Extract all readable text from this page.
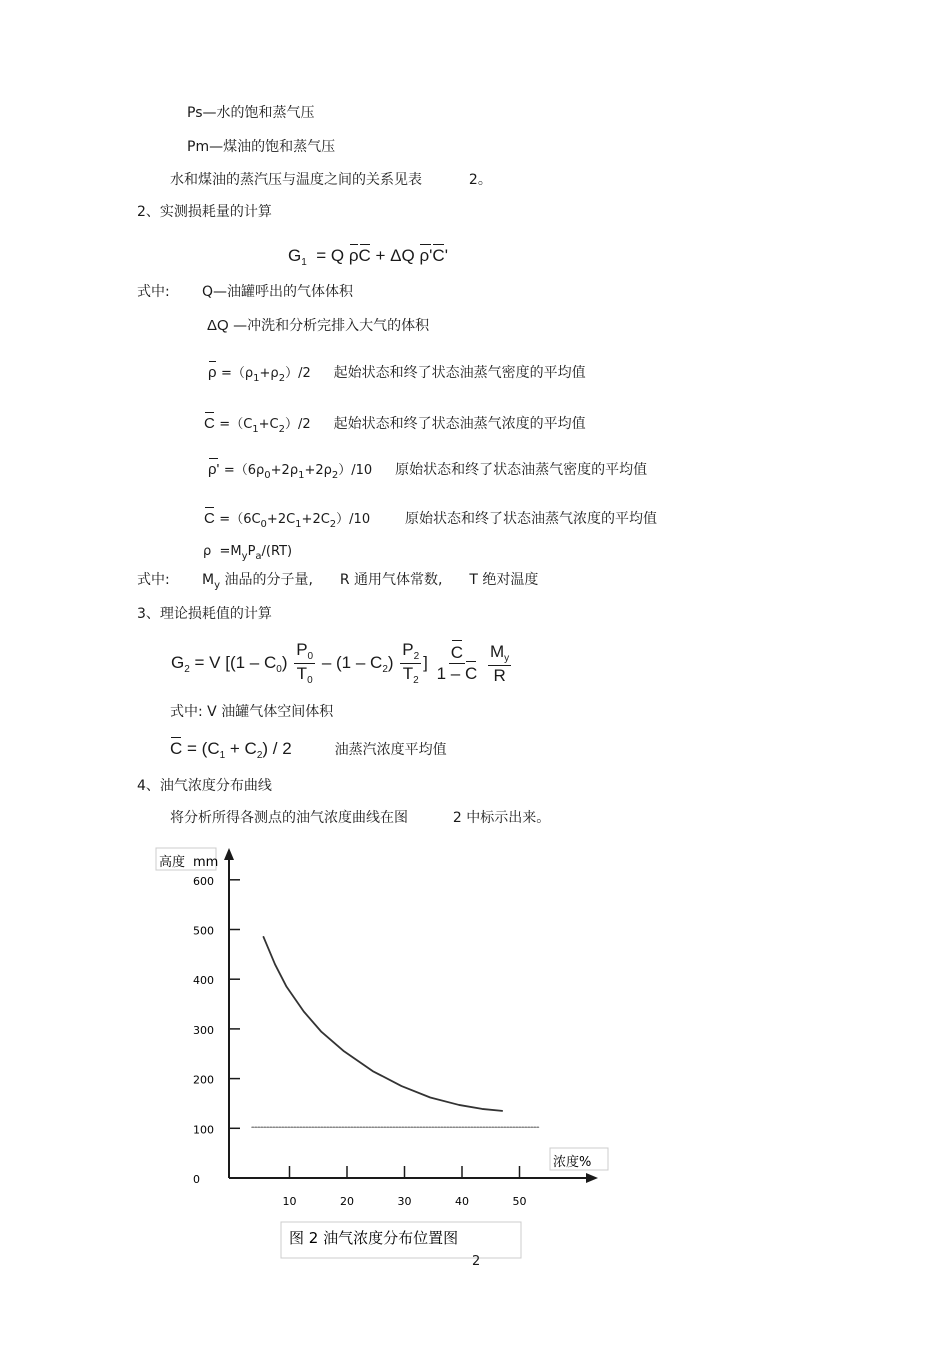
Ps—水的饱和蒸气压
Pm—煤油的饱和蒸气压
水和煤油的蒸汽压与温度之间的关系见表	2。
2、实测损耗量的计算
$G_1 = Q$ ρC + ΔQ ρ'C'
式中: Q—油罐呼出的气体体积
ΔQ —冲洗和分析完排入大气的体积
$\rho =(\rho_1+\rho_2)/2$ 起始状态和终了状态油蒸气密度的平均值
$C =(C_1+C_2)/2$ 起始状态和终了状态油蒸气浓度的平均值
$\rho' =(6\rho_0+2\rho_1+2\rho_2)/10$ 原始状态和终了状态油蒸气密度的平均值
$C =(6C_0+2C_1+2C_2)/10$ 原始状态和终了状态油蒸气浓度的平均值
$\rho =M_yP_a/(RT)$
式中: $M_y$ 油品的分子量, R 通用气体常数, T 绝对温度
3、理论损耗值的计算
$G_2 = V$ [$(1 - C_0) \frac{P_0}{T_0} - (1 - C_2) \frac{P_2}{T_2}$ ] $\frac{C}{1 - C}$
$\frac{M_y}{R}$
式中: V 油罐气体空间体积
$C = (C_1 + C_2) / 2$	油蒸汽浓度平均值
4、油气浓度分布曲线
将分析所得各测点的油气浓度曲线在图	2 中标示出来。
高度 mm
浓度%
图 2 油气浓度分布位置图
0
100
200
300
400
500
600
10	20	30	40	50
2
